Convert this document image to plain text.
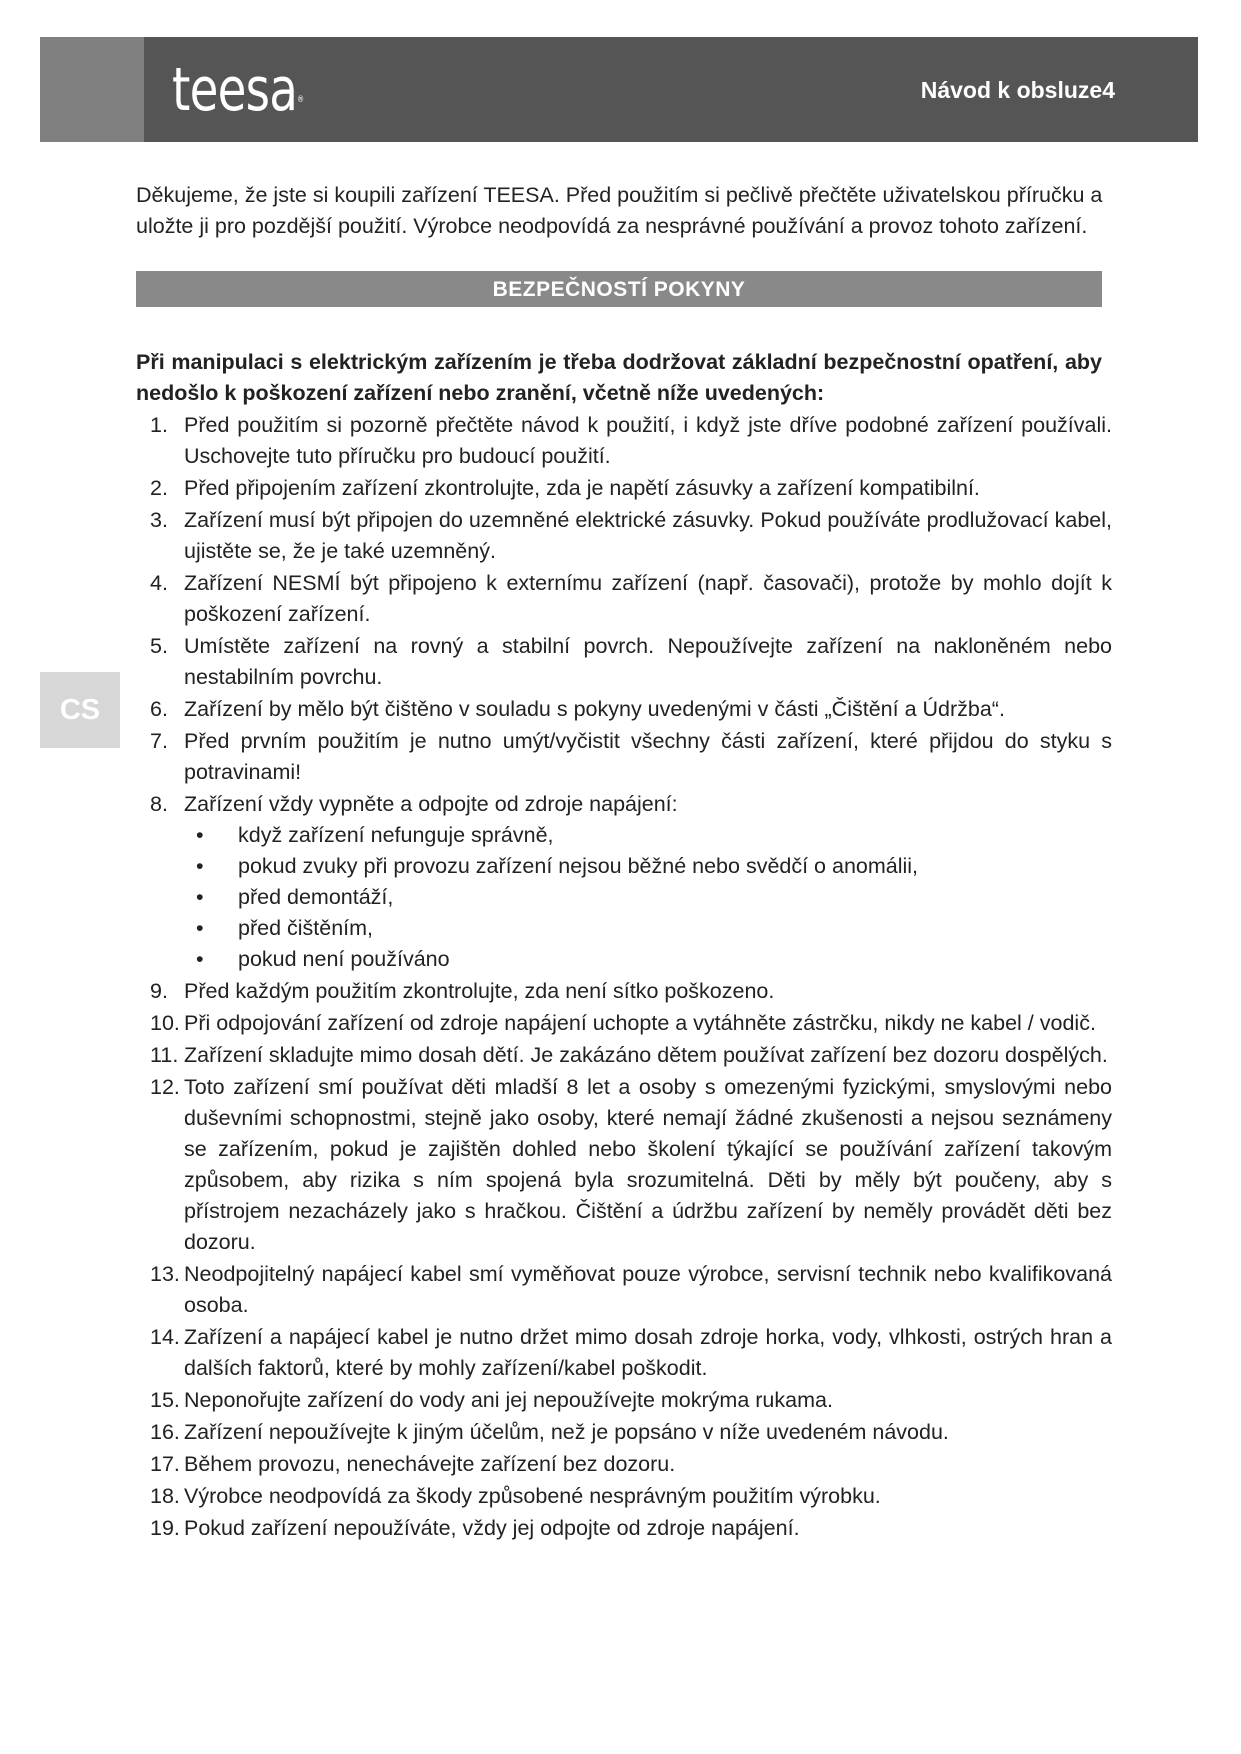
teesa®	Návod k obsluze4
CS

Děkujeme, že jste si koupili zařízení TEESA. Před použitím si pečlivě přečtěte uživatelskou příručku a uložte ji pro pozdější použití. Výrobce neodpovídá za nesprávné používání a provoz tohoto zařízení.

BEZPEČNOSTÍ POKYNY

Při manipulaci s elektrickým zařízením je třeba dodržovat základní bezpečnostní opatření, aby nedošlo k poškození zařízení nebo zranění, včetně níže uvedených:

1. Před použitím si pozorně přečtěte návod k použití, i když jste dříve podobné zařízení používali. Uschovejte tuto příručku pro budoucí použití.
2. Před připojením zařízení zkontrolujte, zda je napětí zásuvky a zařízení kompatibilní.
3. Zařízení musí být připojen do uzemněné elektrické zásuvky. Pokud používáte prodlužovací kabel, ujistěte se, že je také uzemněný.
4. Zařízení NESMÍ být připojeno k externímu zařízení (např. časovači), protože by mohlo dojít k poškození zařízení.
5. Umístěte zařízení na rovný a stabilní povrch. Nepoužívejte zařízení na nakloněném nebo nestabilním povrchu.
6. Zařízení by mělo být čištěno v souladu s pokyny uvedenými v části „Čištění a Údržba“.
7. Před prvním použitím je nutno umýt/vyčistit všechny části zařízení, které přijdou do styku s potravinami!
8. Zařízení vždy vypněte a odpojte od zdroje napájení:
• když zařízení nefunguje správně,
• pokud zvuky při provozu zařízení nejsou běžné nebo svědčí o anomálii,
• před demontáží,
• před čištěním,
• pokud není používáno
9. Před každým použitím zkontrolujte, zda není sítko poškozeno.
10. Při odpojování zařízení od zdroje napájení uchopte a vytáhněte zástrčku, nikdy ne kabel / vodič.
11. Zařízení skladujte mimo dosah dětí. Je zakázáno dětem používat zařízení bez dozoru dospělých.
12. Toto zařízení smí používat děti mladší 8 let a osoby s omezenými fyzickými, smyslovými nebo duševními schopnostmi, stejně jako osoby, které nemají žádné zkušenosti a nejsou seznámeny se zařízením, pokud je zajištěn dohled nebo školení týkající se používání zařízení takovým způsobem, aby rizika s ním spojená byla srozumitelná. Děti by měly být poučeny, aby s přístrojem nezacházely jako s hračkou. Čištění a údržbu zařízení by neměly provádět děti bez dozoru.
13. Neodpojitelný napájecí kabel smí vyměňovat pouze výrobce, servisní technik nebo kvalifikovaná osoba.
14. Zařízení a napájecí kabel je nutno držet mimo dosah zdroje horka, vody, vlhkosti, ostrých hran a dalších faktorů, které by mohly zařízení/kabel poškodit.
15. Neponořujte zařízení do vody ani jej nepoužívejte mokrýma rukama.
16. Zařízení nepoužívejte k jiným účelům, než je popsáno v níže uvedeném návodu.
17. Během provozu, nenechávejte zařízení bez dozoru.
18. Výrobce neodpovídá za škody způsobené nesprávným použitím výrobku.
19. Pokud zařízení nepoužíváte, vždy jej odpojte od zdroje napájení.
